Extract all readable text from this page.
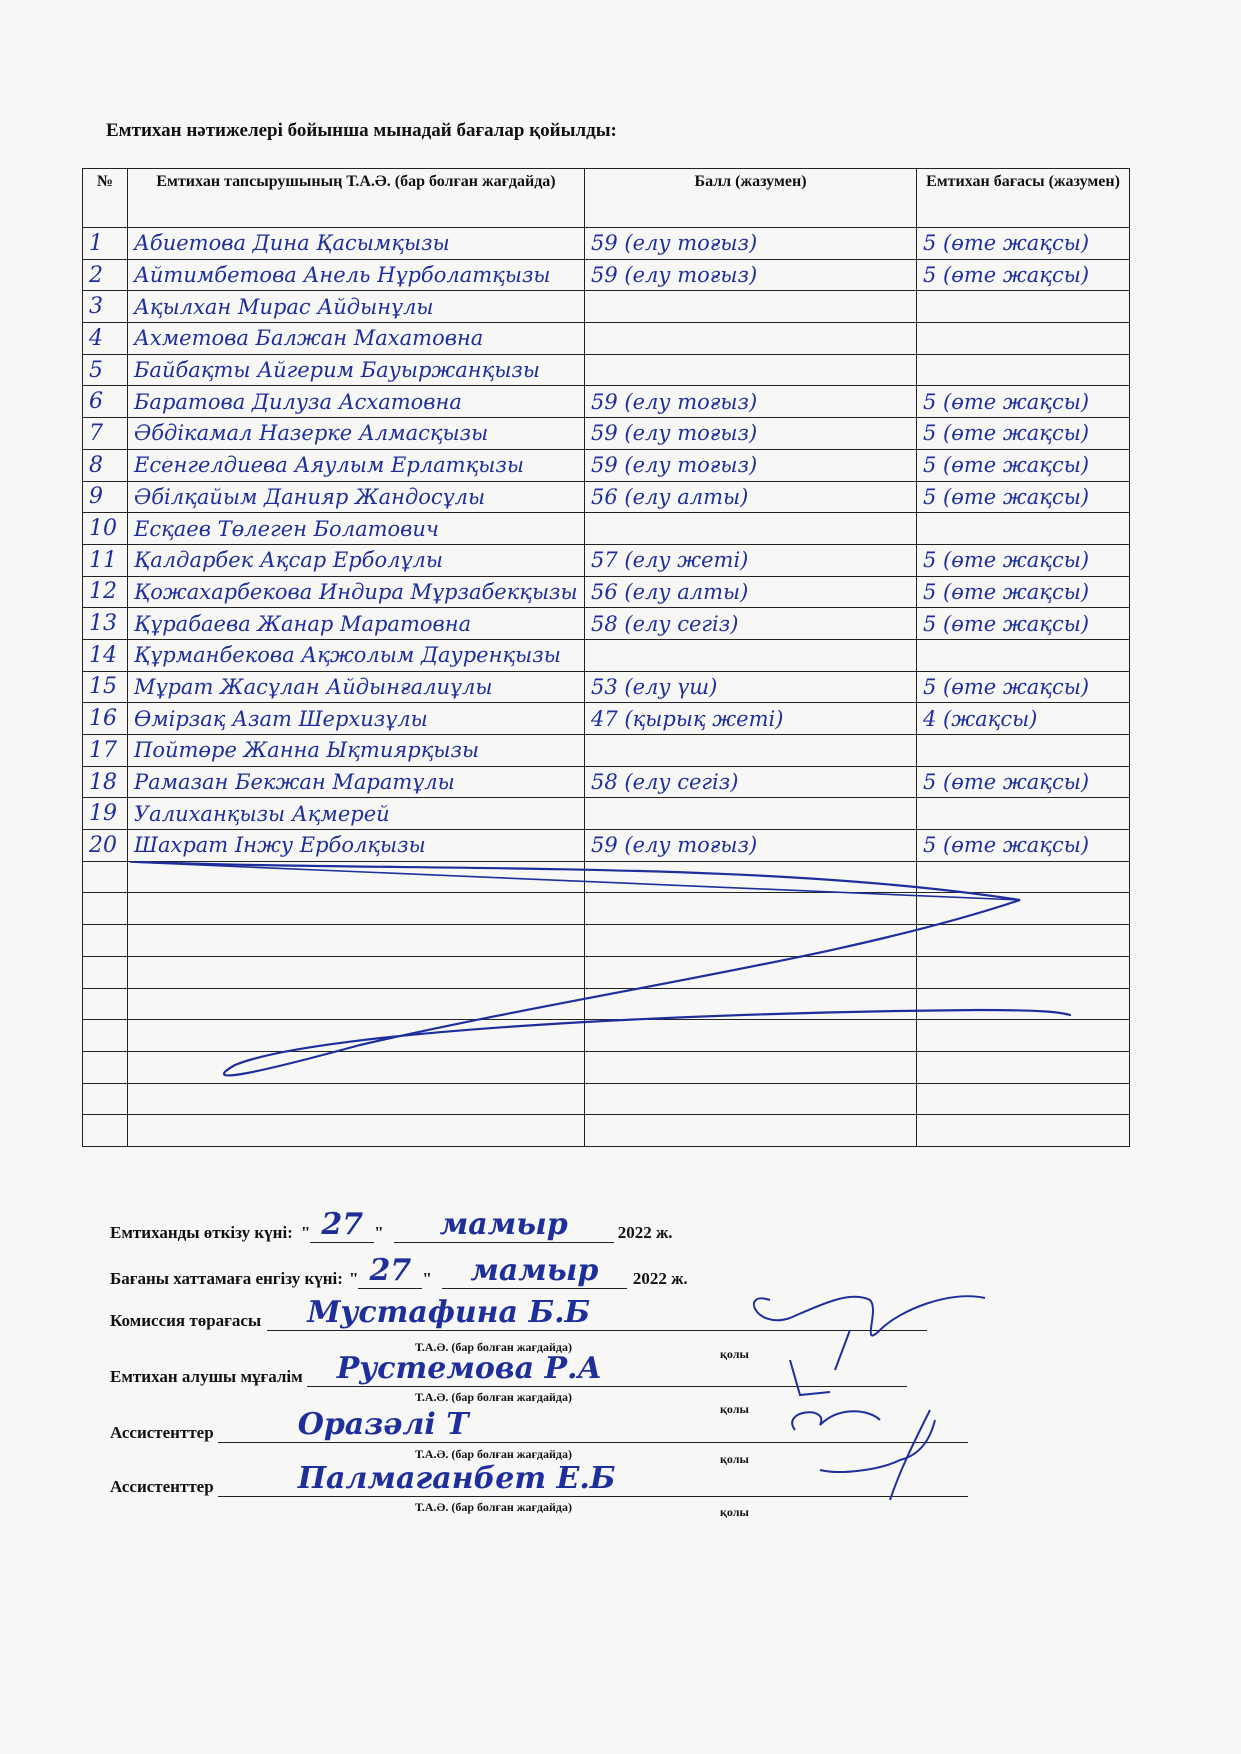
Емтихан нәтижелері бойынша мынадай бағалар қойылды:
№	Емтихан тапсырушының Т.А.Ә. (бар болған жағдайда)	Балл (жазумен)	Емтихан бағасы (жазумен)
1	Абиетова Дина Қасымқызы	59 (елу тоғыз)	5 (өте жақсы)
2	Айтимбетова Анель Нұрболатқызы	59 (елу тоғыз)	5 (өте жақсы)
3	Ақылхан Мирас Айдынұлы		
4	Ахметова Балжан Махатовна		
5	Байбақты Айгерим Бауыржанқызы		
6	Баратова Дилуза Асхатовна	59 (елу тоғыз)	5 (өте жақсы)
7	Әбдікамал Назерке Алмасқызы	59 (елу тоғыз)	5 (өте жақсы)
8	Есенгелдиева Аяулым Ерлатқызы	59 (елу тоғыз)	5 (өте жақсы)
9	Әбілқайым Данияр Жандосұлы	56 (елу алты)	5 (өте жақсы)
10	Есқаев Төлеген Болатович		
11	Қалдарбек Ақсар Ерболұлы	57 (елу жеті)	5 (өте жақсы)
12	Қожахарбекова Индира Мұрзабекқызы	56 (елу алты)	5 (өте жақсы)
13	Құрабаева Жанар Маратовна	58 (елу сегіз)	5 (өте жақсы)
14	Құрманбекова Ақжолым Дауренқызы		
15	Мұрат Жасұлан Айдынғалиұлы	53 (елу үш)	5 (өте жақсы)
16	Өмірзақ Азат Шерхизұлы	47 (қырық жеті)	4 (жақсы)
17	Пойтөре Жанна Ықтиярқызы		
18	Рамазан Бекжан Маратұлы	58 (елу сегіз)	5 (өте жақсы)
19	Уалиханқызы Ақмерей		
20	Шахрат Інжу Ерболқызы	59 (елу тоғыз)	5 (өте жақсы)

Емтиханды өткізу күні: " 27 "	мамыр	2022 ж.
Бағаны хаттамаға енгізу күні: " 27 "	мамыр	2022 ж.
Комиссия төрағасы	Мустафина Б.Б
Т.А.Ә. (бар болған жағдайда)	қолы
Емтихан алушы мұғалім	Рустемова Р.А
Т.А.Ә. (бар болған жағдайда)
қолы
Ассистенттер	Оразәлі Т
Т.А.Ә. (бар болған жағдайда)	қолы
Ассистенттер	Палмаганбет Е.Б
Т.А.Ә. (бар болған жағдайда)	қолы
